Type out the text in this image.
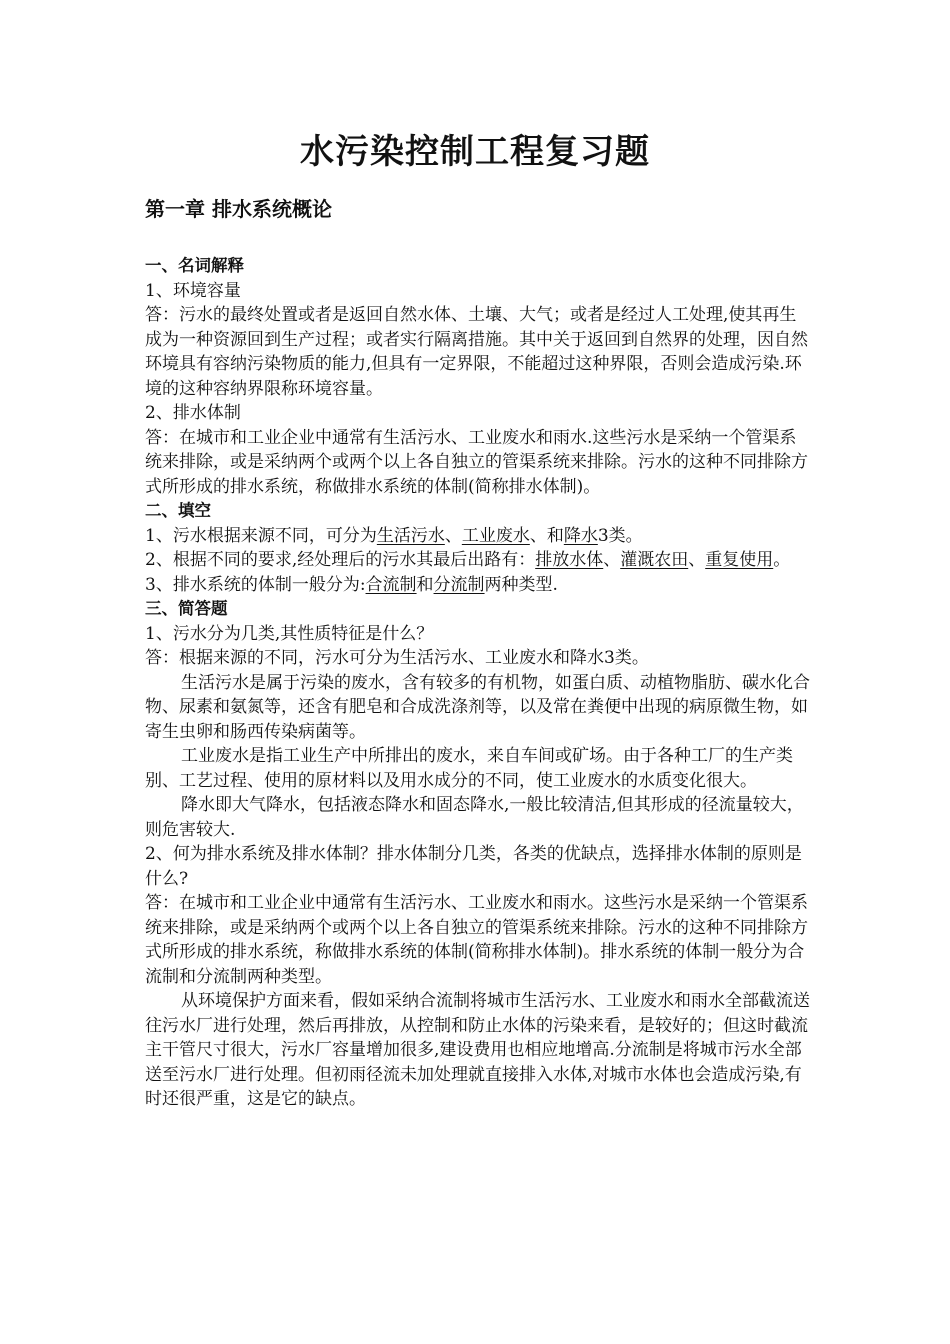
水污染控制工程复习题
第一章 排水系统概论

一、名词解释

1、环境容量

答：污水的最终处置或者是返回自然水体、土壤、大气；或者是经过人工处理,使其再生成为一种资源回到生产过程；或者实行隔离措施。其中关于返回到自然界的处理，因自然环境具有容纳污染物质的能力,但具有一定界限，不能超过这种界限，否则会造成污染.环境的这种容纳界限称环境容量。

2、排水体制

答：在城市和工业企业中通常有生活污水、工业废水和雨水.这些污水是采纳一个管渠系统来排除，或是采纳两个或两个以上各自独立的管渠系统来排除。污水的这种不同排除方式所形成的排水系统，称做排水系统的体制(简称排水体制)。

二、填空

1、污水根据来源不同，可分为生活污水、工业废水、和降水3类。

2、根据不同的要求,经处理后的污水其最后出路有：排放水体、灌溉农田、重复使用。

3、排水系统的体制一般分为:合流制和分流制两种类型.

三、简答题

1、污水分为几类,其性质特征是什么？

答：根据来源的不同，污水可分为生活污水、工业废水和降水3类。

生活污水是属于污染的废水，含有较多的有机物，如蛋白质、动植物脂肪、碳水化合物、尿素和氨氮等，还含有肥皂和合成洗涤剂等，以及常在粪便中出现的病原微生物，如寄生虫卵和肠西传染病菌等。

工业废水是指工业生产中所排出的废水，来自车间或矿场。由于各种工厂的生产类别、工艺过程、使用的原材料以及用水成分的不同，使工业废水的水质变化很大。

降水即大气降水，包括液态降水和固态降水,一般比较清洁,但其形成的径流量较大，则危害较大.

2、何为排水系统及排水体制？排水体制分几类，各类的优缺点，选择排水体制的原则是什么?

答：在城市和工业企业中通常有生活污水、工业废水和雨水。这些污水是采纳一个管渠系统来排除，或是采纳两个或两个以上各自独立的管渠系统来排除。污水的这种不同排除方式所形成的排水系统，称做排水系统的体制(简称排水体制)。排水系统的体制一般分为合流制和分流制两种类型。

从环境保护方面来看，假如采纳合流制将城市生活污水、工业废水和雨水全部截流送往污水厂进行处理，然后再排放，从控制和防止水体的污染来看，是较好的；但这时截流主干管尺寸很大，污水厂容量增加很多,建设费用也相应地增高.分流制是将城市污水全部送至污水厂进行处理。但初雨径流未加处理就直接排入水体,对城市水体也会造成污染,有时还很严重，这是它的缺点。
